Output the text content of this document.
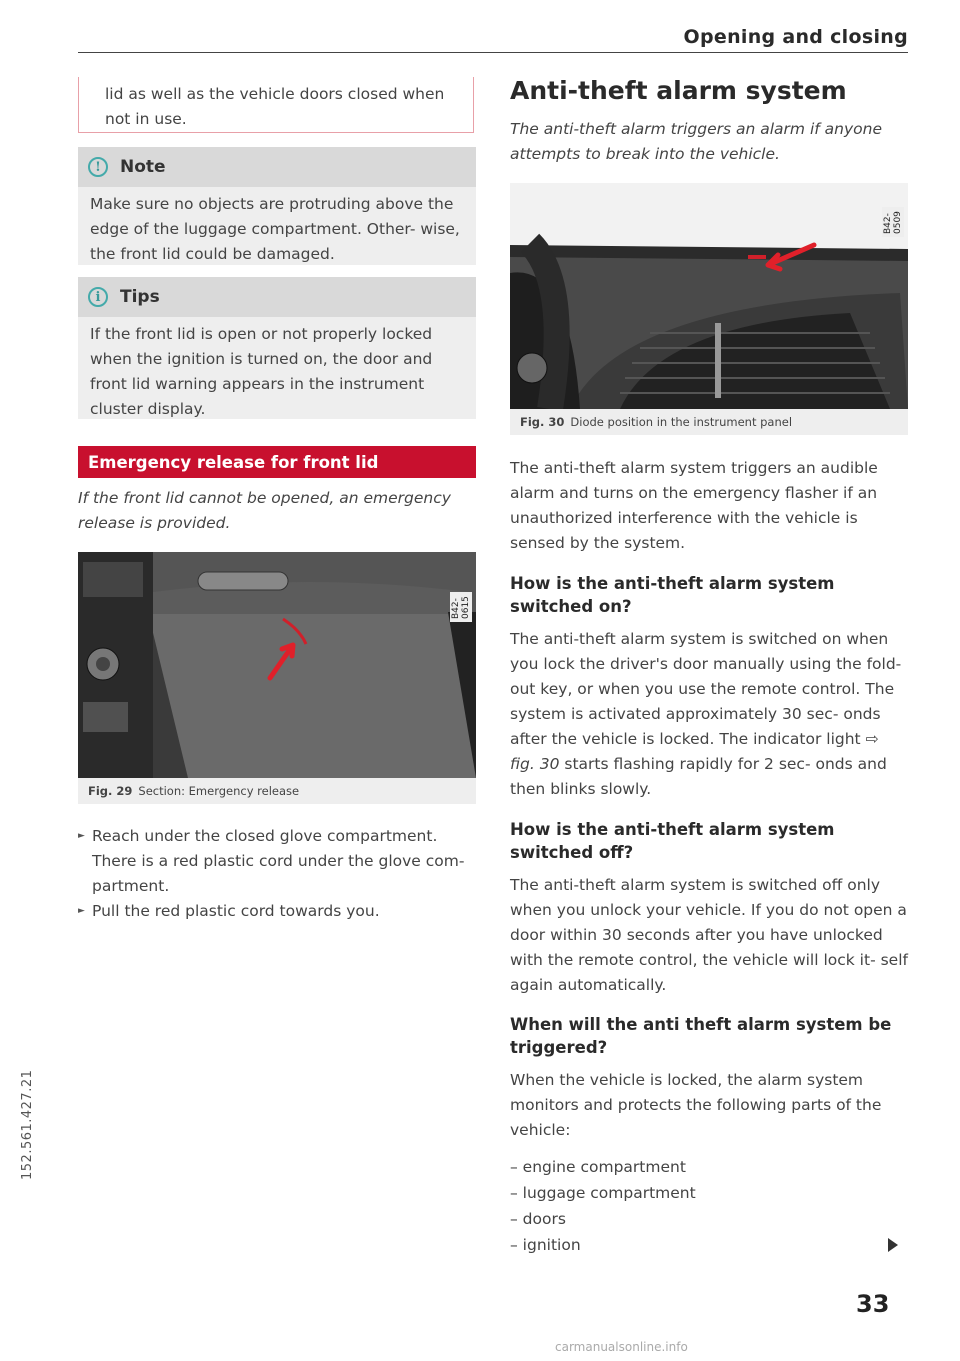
Opening and closing
lid as well as the vehicle doors closed when not in use.
!	Note
Make sure no objects are protruding above the edge of the luggage compartment. Other- wise, the front lid could be damaged.
i	Tips
If the front lid is open or not properly locked when the ignition is turned on, the door and front lid warning appears in the instrument cluster display.
Emergency release for front lid
If the front lid cannot be opened, an emergency release is provided.
B42-0615
Fig. 29 Section: Emergency release
► Reach under the closed glove compartment. There is a red plastic cord under the glove com- partment.
► Pull the red plastic cord towards you.
Anti-theft alarm system
The anti-theft alarm triggers an alarm if anyone attempts to break into the vehicle.
B42-0509
Fig. 30 Diode position in the instrument panel
The anti-theft alarm system triggers an audible alarm and turns on the emergency flasher if an unauthorized interference with the vehicle is sensed by the system.
How is the anti-theft alarm system switched on?
The anti-theft alarm system is switched on when you lock the driver's door manually using the fold-out key, or when you use the remote control. The system is activated approximately 30 sec- onds after the vehicle is locked. The indicator light ⇨ fig. 30 starts flashing rapidly for 2 sec- onds and then blinks slowly.
How is the anti-theft alarm system switched off?
The anti-theft alarm system is switched off only when you unlock your vehicle. If you do not open a door within 30 seconds after you have unlocked with the remote control, the vehicle will lock it- self again automatically.
When will the anti theft alarm system be triggered?
When the vehicle is locked, the alarm system monitors and protects the following parts of the vehicle:
– engine compartment
– luggage compartment
– doors
– ignition
33
152.561.427.21
carmanualsonline.info
